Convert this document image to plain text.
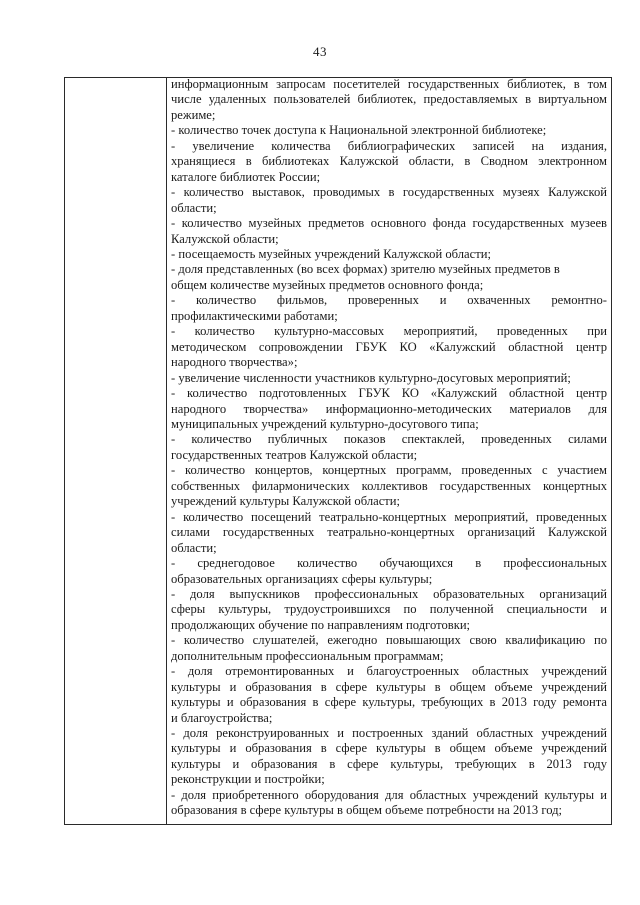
43
информационным запросам посетителей государственных библиотек, в том
числе удаленных пользователей библиотек, предоставляемых в виртуальном
режиме;
- количество точек доступа к Национальной электронной библиотеке;
- увеличение количества библиографических записей на издания,
хранящиеся в библиотеках Калужской области, в Сводном электронном
каталоге библиотек России;
- количество выставок, проводимых в государственных музеях Калужской
области;
- количество музейных предметов основного фонда государственных музеев
Калужской области;
- посещаемость музейных учреждений Калужской области;
- доля представленных (во всех формах) зрителю музейных предметов в
общем количестве музейных предметов основного фонда;
- количество фильмов, проверенных и охваченных ремонтно-
профилактическими работами;
- количество культурно-массовых мероприятий, проведенных при
методическом сопровождении ГБУК КО «Калужский областной центр
народного творчества»;
- увеличение численности участников культурно-досуговых мероприятий;
- количество подготовленных ГБУК КО «Калужский областной центр
народного творчества» информационно-методических материалов для
муниципальных учреждений культурно-досугового типа;
- количество публичных показов спектаклей, проведенных силами
государственных театров Калужской области;
- количество концертов, концертных программ, проведенных с участием
собственных филармонических коллективов государственных концертных
учреждений культуры Калужской области;
- количество посещений театрально-концертных мероприятий, проведенных
силами государственных театрально-концертных организаций Калужской
области;
- среднегодовое количество обучающихся в профессиональных
образовательных организациях сферы культуры;
- доля выпускников профессиональных образовательных организаций
сферы культуры, трудоустроившихся по полученной специальности и
продолжающих обучение по направлениям подготовки;
- количество слушателей, ежегодно повышающих свою квалификацию по
дополнительным профессиональным программам;
- доля отремонтированных и благоустроенных областных учреждений
культуры и образования в сфере культуры в общем объеме учреждений
культуры и образования в сфере культуры, требующих в 2013 году ремонта
и благоустройства;
- доля реконструированных и построенных зданий областных учреждений
культуры и образования в сфере культуры в общем объеме учреждений
культуры и образования в сфере культуры, требующих в 2013 году
реконструкции и постройки;
- доля приобретенного оборудования для областных учреждений культуры и
образования в сфере культуры в общем объеме потребности на 2013 год;
